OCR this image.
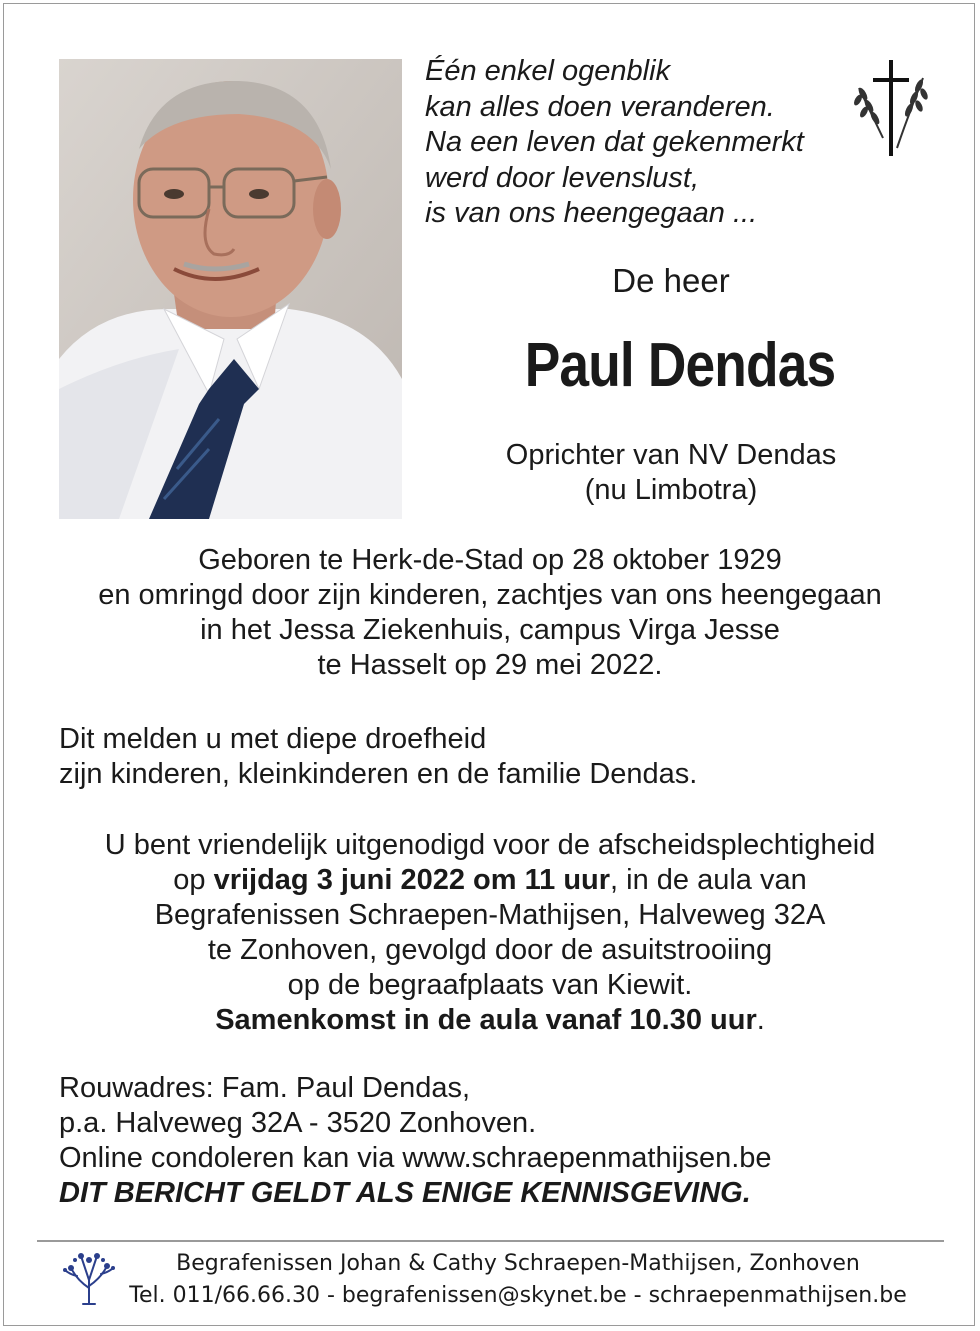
Één enkel ogenblik
kan alles doen veranderen.
Na een leven dat gekenmerkt
werd door levenslust,
is van ons heengegaan ...
De heer
Paul Dendas
Oprichter van NV Dendas
(nu Limbotra)
Geboren te Herk-de-Stad op 28 oktober 1929
en omringd door zijn kinderen, zachtjes van ons heengegaan
in het Jessa Ziekenhuis, campus Virga Jesse
te Hasselt op 29 mei 2022.
Dit melden u met diepe droefheid
zijn kinderen, kleinkinderen en de familie Dendas.
U bent vriendelijk uitgenodigd voor de afscheidsplechtigheid
op vrijdag 3 juni 2022 om 11 uur, in de aula van
Begrafenissen Schraepen-Mathijsen, Halveweg 32A
te Zonhoven, gevolgd door de asuitstrooiing
op de begraafplaats van Kiewit.
Samenkomst in de aula vanaf 10.30 uur.
Rouwadres: Fam. Paul Dendas,
p.a. Halveweg 32A - 3520 Zonhoven.
Online condoleren kan via www.schraepenmathijsen.be
DIT BERICHT GELDT ALS ENIGE KENNISGEVING.
Begrafenissen Johan & Cathy Schraepen-Mathijsen, Zonhoven
Tel. 011/66.66.30 - begrafenissen@skynet.be - schraepenmathijsen.be
